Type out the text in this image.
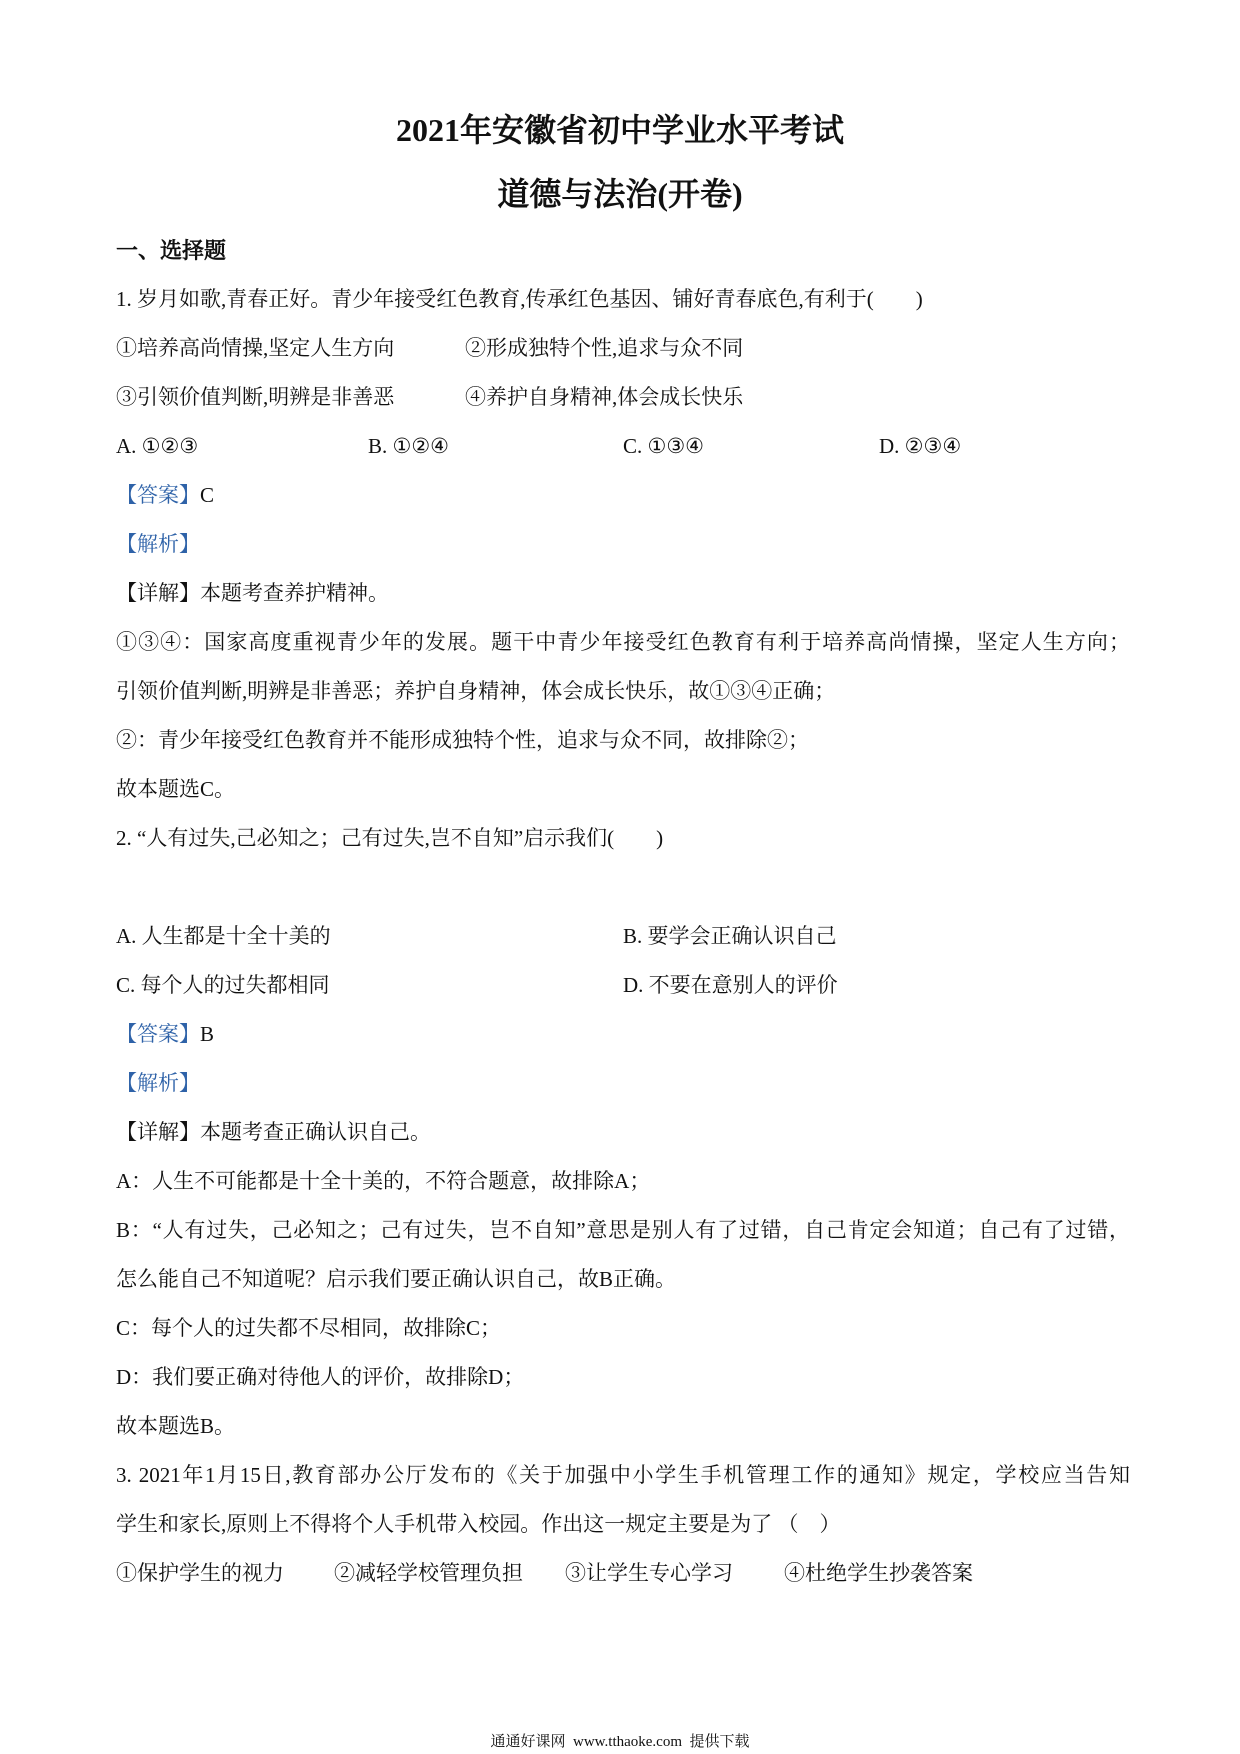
2021年安徽省初中学业水平考试
道德与法治(开卷)
一、选择题
1. 岁月如歌,青春正好。青少年接受红色教育,传承红色基因、铺好青春底色,有利于(　　)
①培养高尚情操,坚定人生方向	②形成独特个性,追求与众不同
③引领价值判断,明辨是非善恶	④养护自身精神,体会成长快乐
A. ①②③	B. ①②④	C. ①③④	D. ②③④
【答案】C
【解析】
【详解】本题考查养护精神。
①③④：国家高度重视青少年的发展。题干中青少年接受红色教育有利于培养高尚情操，坚定人生方向；
引领价值判断,明辨是非善恶；养护自身精神，体会成长快乐，故①③④正确；
②：青少年接受红色教育并不能形成独特个性，追求与众不同，故排除②；
故本题选C。
2. “人有过失,己必知之；己有过失,岂不自知”启示我们(　　)
A. 人生都是十全十美的	B. 要学会正确认识自己
C. 每个人的过失都相同	D. 不要在意别人的评价
【答案】B
【解析】
【详解】本题考查正确认识自己。
A：人生不可能都是十全十美的，不符合题意，故排除A；
B：“人有过失，己必知之；己有过失，岂不自知”意思是别人有了过错，自己肯定会知道；自己有了过错，
怎么能自己不知道呢？启示我们要正确认识自己，故B正确。
C：每个人的过失都不尽相同，故排除C；
D：我们要正确对待他人的评价，故排除D；
故本题选B。
3. 2021年1月15日,教育部办公厅发布的《关于加强中小学生手机管理工作的通知》规定，学校应当告知
学生和家长,原则上不得将个人手机带入校园。作出这一规定主要是为了 （　）
①保护学生的视力 ②减轻学校管理负担 ③让学生专心学习 ④杜绝学生抄袭答案
通通好课网  www.tthaoke.com  提供下载
